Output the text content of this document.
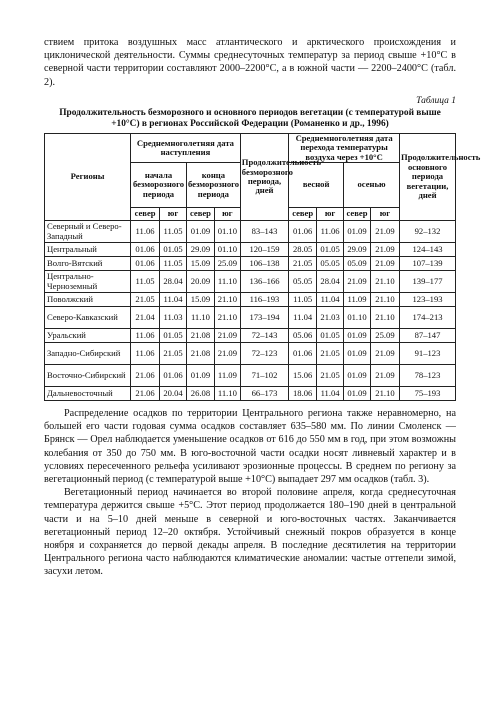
ствием притока воздушных масс атлантического и арктического происхождения и циклонической деятельности. Суммы среднесуточных температур за период свыше +10°С в северной части территории составляют 2000–2200°С, а в южной части — 2200–2400°С (табл. 2).

Таблица 1
Продолжительность безморозного и основного периодов вегетации (с температурой выше +10°С) в регионах Российской Федерации (Романенко и др., 1996)
Регионы	Среднемноголетняя дата наступления				Продолжительность безморозного периода, дней	Среднемноголетняя дата перехода температуры воздуха через +10°С				Продолжительность основного периода вегетации, дней
	начала безморозного периода		конца безморозного периода			весной		осенью		
	север	юг	север	юг		север	юг	север	юг	
Северный и Северо-Западный	11.06	11.05	01.09	01.10	83–143	01.06	11.06	01.09	21.09	92–132
Центральный	01.06	01.05	29.09	01.10	120–159	28.05	01.05	29.09	21.09	124–143
Волго-Вятский	01.06	11.05	15.09	25.09	106–138	21.05	05.05	05.09	21.09	107–139
Центрально-Черноземный	11.05	28.04	20.09	11.10	136–166	05.05	28.04	21.09	21.10	139–177
Поволжский	21.05	11.04	15.09	21.10	116–193	11.05	11.04	11.09	21.10	123–193
Северо-Кавказский	21.04	11.03	11.10	21.10	173–194	11.04	21.03	01.10	21.10	174–213
Уральский	11.06	01.05	21.08	21.09	72–143	05.06	01.05	01.09	25.09	87–147
Западно-Сибирский	11.06	21.05	21.08	21.09	72–123	01.06	21.05	01.09	21.09	91–123
Восточно-Сибирский	21.06	01.06	01.09	11.09	71–102	15.06	21.05	01.09	21.09	78–123
Дальневосточный	21.06	20.04	26.08	11.10	66–173	18.06	11.04	01.09	21.10	75–193

Распределение осадков по территории Центрального региона также неравномерно, на большей его части годовая сумма осадков составляет 635–580 мм. По линии Смоленск — Брянск — Орел наблюдается уменьшение осадков от 616 до 550 мм в год, при этом возможны колебания от 350 до 750 мм. В юго-восточной части осадки носят ливневый характер и в условиях пересеченного рельефа усиливают эрозионные процессы. В среднем по региону за вегетационный период (с температурой выше +10°С) выпадает 297 мм осадков (табл. 3).

Вегетационный период начинается во второй половине апреля, когда среднесуточная температура держится свыше +5°С. Этот период продолжается 180–190 дней в центральной части и на 5–10 дней меньше в северной и юго-восточных частях. Заканчивается вегетационный период 12–20 октября. Устойчивый снежный покров образуется в конце ноября и сохраняется до первой декады апреля. В последние десятилетия на территории Центрального региона часто наблюдаются климатические аномалии: частые оттепели зимой, засухи летом.
